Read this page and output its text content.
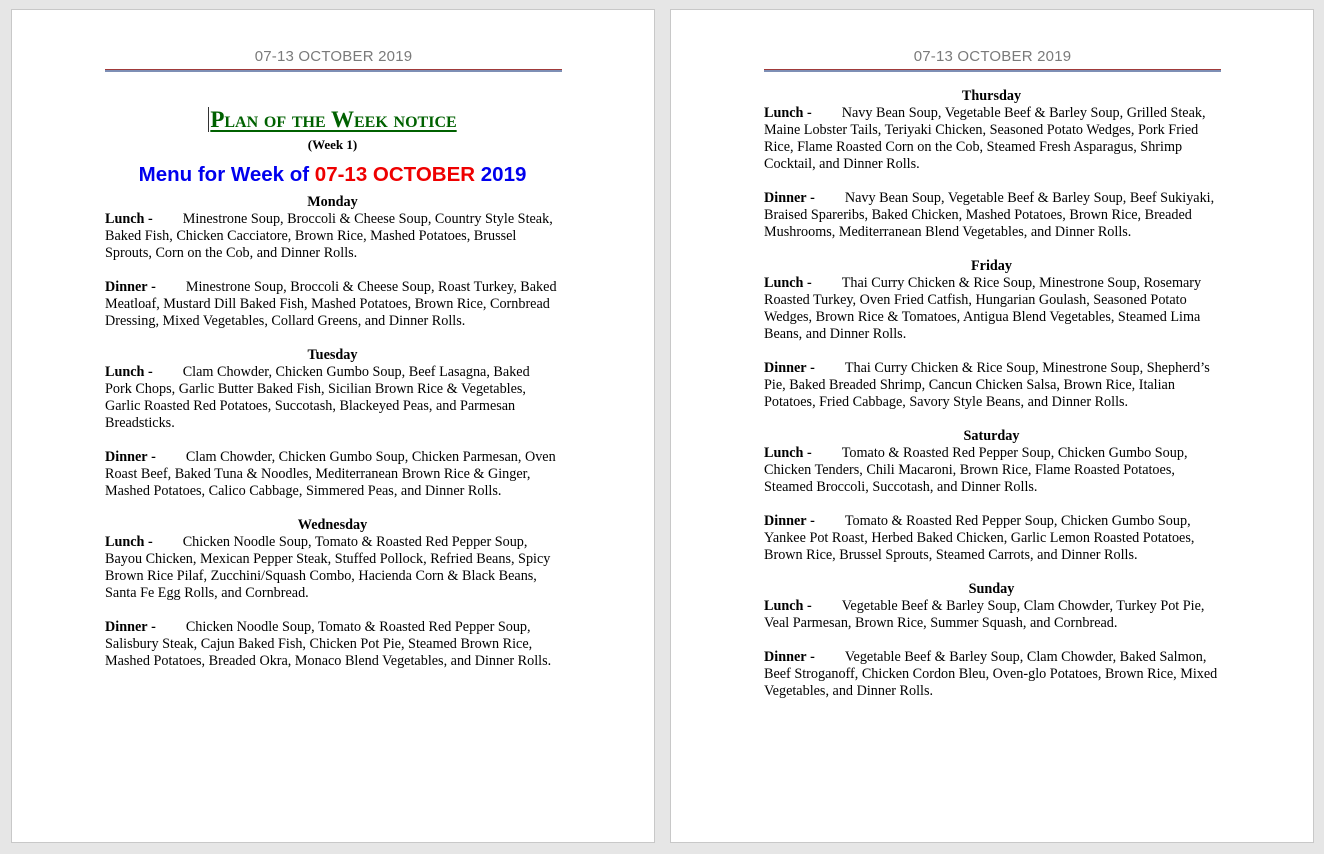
07-13 OCTOBER 2019

Plan of the Week notice

(Week 1)
Menu for Week of 07-13 OCTOBER 2019

Monday

Lunch - Minestrone Soup, Broccoli & Cheese Soup, Country Style Steak, Baked Fish, Chicken Cacciatore, Brown Rice, Mashed Potatoes, Brussel Sprouts, Corn on the Cob, and Dinner Rolls.

Dinner - Minestrone Soup, Broccoli & Cheese Soup, Roast Turkey, Baked Meatloaf, Mustard Dill Baked Fish, Mashed Potatoes, Brown Rice, Cornbread Dressing, Mixed Vegetables, Collard Greens, and Dinner Rolls.

Tuesday

Lunch - Clam Chowder, Chicken Gumbo Soup, Beef Lasagna, Baked Pork Chops, Garlic Butter Baked Fish, Sicilian Brown Rice & Vegetables, Garlic Roasted Red Potatoes, Succotash, Blackeyed Peas, and Parmesan Breadsticks.

Dinner - Clam Chowder, Chicken Gumbo Soup, Chicken Parmesan, Oven Roast Beef, Baked Tuna & Noodles, Mediterranean Brown Rice & Ginger, Mashed Potatoes, Calico Cabbage, Simmered Peas, and Dinner Rolls.

Wednesday

Lunch - Chicken Noodle Soup, Tomato & Roasted Red Pepper Soup, Bayou Chicken, Mexican Pepper Steak, Stuffed Pollock, Refried Beans, Spicy Brown Rice Pilaf, Zucchini/Squash Combo, Hacienda Corn & Black Beans, Santa Fe Egg Rolls, and Cornbread.

Dinner - Chicken Noodle Soup, Tomato & Roasted Red Pepper Soup, Salisbury Steak, Cajun Baked Fish, Chicken Pot Pie, Steamed Brown Rice, Mashed Potatoes, Breaded Okra, Monaco Blend Vegetables, and Dinner Rolls.

07-13 OCTOBER 2019

Thursday

Lunch - Navy Bean Soup, Vegetable Beef & Barley Soup, Grilled Steak, Maine Lobster Tails, Teriyaki Chicken, Seasoned Potato Wedges, Pork Fried Rice, Flame Roasted Corn on the Cob, Steamed Fresh Asparagus, Shrimp Cocktail, and Dinner Rolls.

Dinner - Navy Bean Soup, Vegetable Beef & Barley Soup, Beef Sukiyaki, Braised Spareribs, Baked Chicken, Mashed Potatoes, Brown Rice, Breaded Mushrooms, Mediterranean Blend Vegetables, and Dinner Rolls.

Friday

Lunch - Thai Curry Chicken & Rice Soup, Minestrone Soup, Rosemary Roasted Turkey, Oven Fried Catfish, Hungarian Goulash, Seasoned Potato Wedges, Brown Rice & Tomatoes, Antigua Blend Vegetables, Steamed Lima Beans, and Dinner Rolls.

Dinner - Thai Curry Chicken & Rice Soup, Minestrone Soup, Shepherd’s Pie, Baked Breaded Shrimp, Cancun Chicken Salsa, Brown Rice, Italian Potatoes, Fried Cabbage, Savory Style Beans, and Dinner Rolls.

Saturday

Lunch - Tomato & Roasted Red Pepper Soup, Chicken Gumbo Soup, Chicken Tenders, Chili Macaroni, Brown Rice, Flame Roasted Potatoes, Steamed Broccoli, Succotash, and Dinner Rolls.

Dinner - Tomato & Roasted Red Pepper Soup, Chicken Gumbo Soup, Yankee Pot Roast, Herbed Baked Chicken, Garlic Lemon Roasted Potatoes, Brown Rice, Brussel Sprouts, Steamed Carrots, and Dinner Rolls.

Sunday

Lunch - Vegetable Beef & Barley Soup, Clam Chowder, Turkey Pot Pie, Veal Parmesan, Brown Rice, Summer Squash, and Cornbread.

Dinner - Vegetable Beef & Barley Soup, Clam Chowder, Baked Salmon, Beef Stroganoff, Chicken Cordon Bleu, Oven-glo Potatoes, Brown Rice, Mixed Vegetables, and Dinner Rolls.
